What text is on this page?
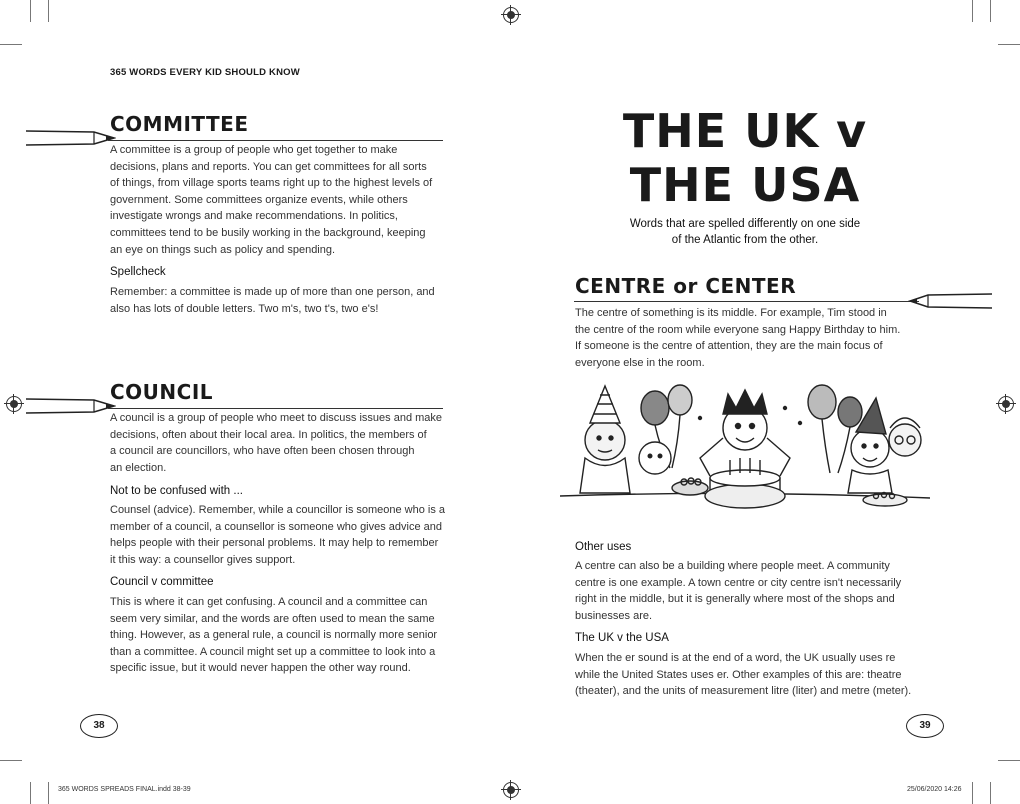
365 WORDS EVERY KID SHOULD KNOW
COMMITTEE
A committee is a group of people who get together to make
decisions, plans and reports. You can get committees for all sorts
of things, from village sports teams right up to the highest levels of
government. Some committees organize events, while others
investigate wrongs and make recommendations. In politics,
committees tend to be busily working in the background, keeping
an eye on things such as policy and spending.
Spellcheck
Remember: a committee is made up of more than one person, and
also has lots of double letters. Two m's, two t's, two e's!
COUNCIL
A council is a group of people who meet to discuss issues and make
decisions, often about their local area. In politics, the members of
a council are councillors, who have often been chosen through
an election.
Not to be confused with ...
Counsel (advice). Remember, while a councillor is someone who is a
member of a council, a counsellor is someone who gives advice and
helps people with their personal problems. It may help to remember
it this way: a counsellor gives support.
Council v committee
This is where it can get confusing. A council and a committee can
seem very similar, and the words are often used to mean the same
thing. However, as a general rule, a council is normally more senior
than a committee. A council might set up a committee to look into a
specific issue, but it would never happen the other way round.
38
365 WORDS SPREADS FINAL.indd 38-39
THE UK v
THE USA
Words that are spelled differently on one side
of the Atlantic from the other.
CENTRE or CENTER
The centre of something is its middle. For example, Tim stood in
the centre of the room while everyone sang Happy Birthday to him.
If someone is the centre of attention, they are the main focus of
everyone else in the room.
Other uses
A centre can also be a building where people meet. A community
centre is one example. A town centre or city centre isn't necessarily
right in the middle, but it is generally where most of the shops and
businesses are.
The UK v the USA
When the er sound is at the end of a word, the UK usually uses re
while the United States uses er. Other examples of this are: theatre
(theater), and the units of measurement litre (liter) and metre (meter).
39
25/06/2020 14:26
